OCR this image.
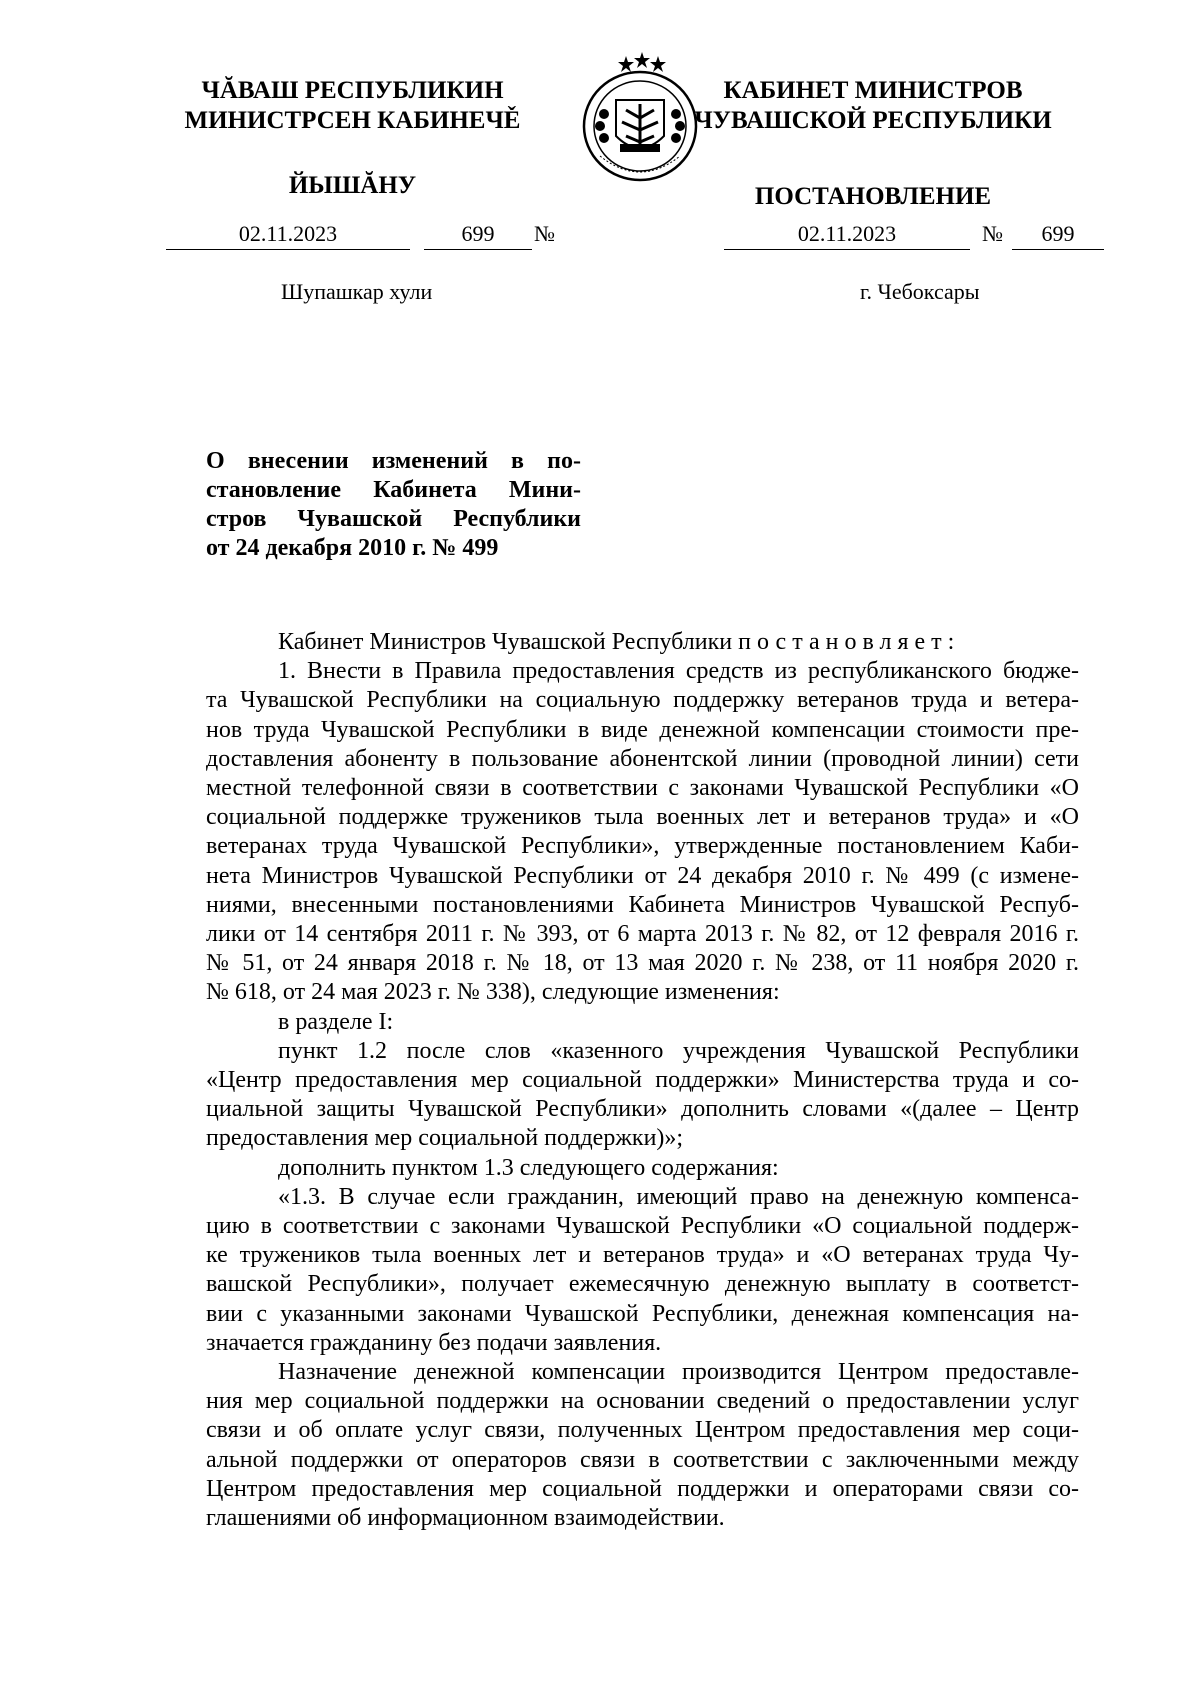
ЧĂВАШ РЕСПУБЛИКИН

МИНИСТРСЕН КАБИНЕЧĚ

ЙЫШĂНУ

КАБИНЕТ МИНИСТРОВ

ЧУВАШСКОЙ РЕСПУБЛИКИ

ПОСТАНОВЛЕНИЕ
02.11.2023	699	№	02.11.2023	№	699
Шупашкар хули	г. Чебоксары
О внесении изменений в по-
становление Кабинета Мини-
стров Чувашской Республики
от 24 декабря 2010 г. № 499
Кабинет Министров Чувашской Республики постановляет:
1. Внести в Правила предоставления средств из республиканского бюдже-
та Чувашской Республики на социальную поддержку ветеранов труда и ветера-
нов труда Чувашской Республики в виде денежной компенсации стоимости пре-
доставления абоненту в пользование абонентской линии (проводной линии) сети
местной телефонной связи в соответствии с законами Чувашской Республики «О
социальной поддержке тружеников тыла военных лет и ветеранов труда» и «О
ветеранах труда Чувашской Республики», утвержденные постановлением Каби-
нета Министров Чувашской Республики от 24 декабря 2010 г. № 499 (с измене-
ниями, внесенными постановлениями Кабинета Министров Чувашской Респуб-
лики от 14 сентября 2011 г. № 393, от 6 марта 2013 г. № 82, от 12 февраля 2016 г.
№ 51, от 24 января 2018 г. № 18, от 13 мая 2020 г. № 238, от 11 ноября 2020 г.
№ 618, от 24 мая 2023 г. № 338), следующие изменения:
в разделе I:
пункт 1.2 после слов «казенного учреждения Чувашской Республики
«Центр предоставления мер социальной поддержки» Министерства труда и со-
циальной защиты Чувашской Республики» дополнить словами «(далее – Центр
предоставления мер социальной поддержки)»;
дополнить пунктом 1.3 следующего содержания:
«1.3. В случае если гражданин, имеющий право на денежную компенса-
цию в соответствии с законами Чувашской Республики «О социальной поддерж-
ке тружеников тыла военных лет и ветеранов труда» и «О ветеранах труда Чу-
вашской Республики», получает ежемесячную денежную выплату в соответст-
вии с указанными законами Чувашской Республики, денежная компенсация на-
значается гражданину без подачи заявления.
Назначение денежной компенсации производится Центром предоставле-
ния мер социальной поддержки на основании сведений о предоставлении услуг
связи и об оплате услуг связи, полученных Центром предоставления мер соци-
альной поддержки от операторов связи в соответствии с заключенными между
Центром предоставления мер социальной поддержки и операторами связи со-
глашениями об информационном взаимодействии.
